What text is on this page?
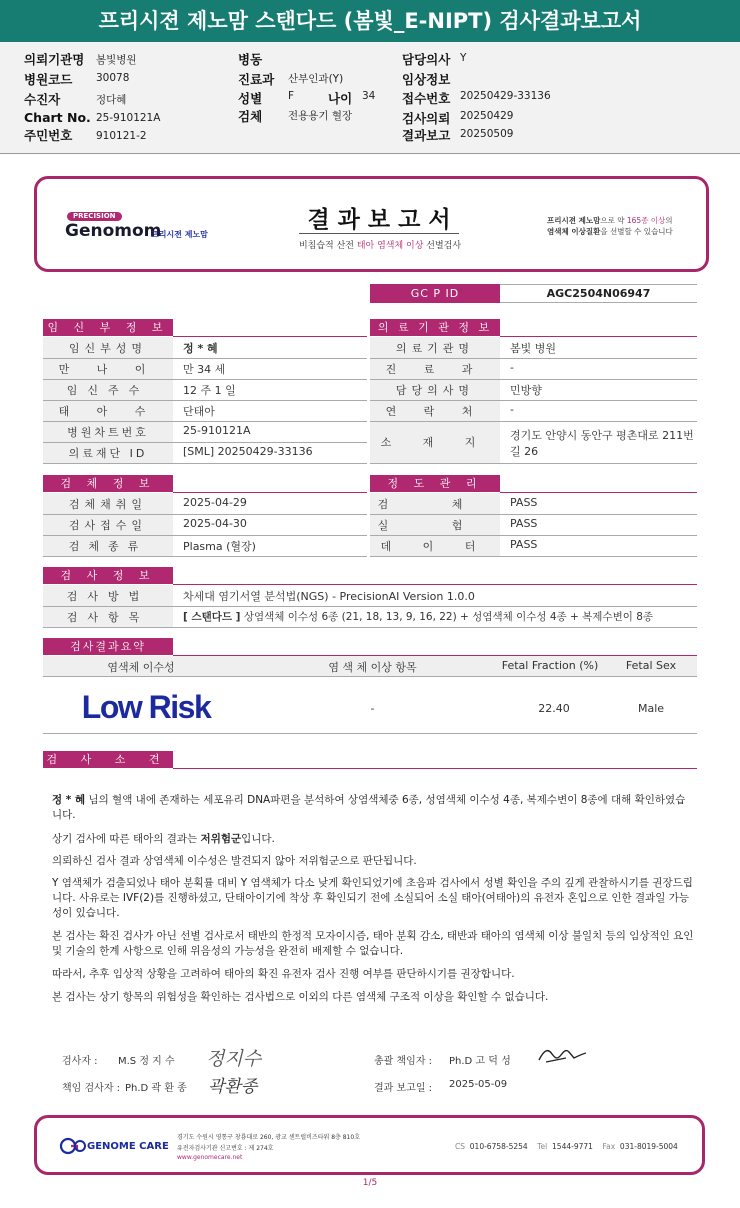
프리시젼 제노맘 스탠다드 (봄빛_E-NIPT) 검사결과보고서
의뢰기관명 봄빛병원
병원코드 30078
수진자	정다혜
Chart No. 25-910121A
주민번호 910121-2
병동
진료과 산부인과(Y)
성별 F	나이 34
검체 전용용기 혈장
담당의사 Y
임상정보
접수번호 20250429-33136
검사의뢰 20250429
결과보고 20250509
PRECISION
Genomom
프리시젼 제노맘
결 과 보 고 서
비침습적 산전 태아 염색체 이상 선별검사
프리시젼 제노맘으로 약 165종 이상의
염색체 이상질환을 선별할 수 있습니다
GC P ID	AGC2504N06947
임 신 부 정 보
임신부성명	정 * 혜
만 나 이	만 34 세
임신주수	12 주 1 일
태 아 수	단태아
병원차트번호	25-910121A
의료재단 ID	[SML] 20250429-33136
의 료 기 관 정 보
의료기관명	봄빛 병원
진 료 과	-
담당의사명	민방향
연 락 처	-
소 재 지
경기도 안양시 동안구 평촌대로 211번
길 26
검 체 정 보
검체채취일	2025-04-29
검사접수일	2025-04-30
검체종류	Plasma (혈장)
정 도 관 리
검 체	PASS
실 험	PASS
데 이 터	PASS
검 사 정 보
검사방법	차세대 염기서열 분석법(NGS) - PrecisionAI Version 1.0.0
검사항목	[ 스탠다드 ] 상염색체 이수성 6종 (21, 18, 13, 9, 16, 22) + 성염색체 이수성 4종 + 복제수변이 8종
검사결과요약
염색체 이수성	염 색 체 이상 항목	Fetal Fraction (%)	Fetal Sex
Low Risk	-	22.40	Male
검 사 소 견
정 * 혜 님의 혈액 내에 존재하는 세포유리 DNA파편을 분석하여 상염색체중 6종, 성염색체 이수성 4종, 복제수변이 8종에 대해 확인하였습니다.
상기 검사에 따른 태아의 결과는 저위험군입니다.
의뢰하신 검사 결과 상염색체 이수성은 발견되지 않아 저위험군으로 판단됩니다.
Y 염색체가 검출되었나 태아 분획률 대비 Y 염색체가 다소 낮게 확인되었기에 초음파 검사에서 성별 확인을 주의 깊게 관찰하시기를 권장드립니다. 사유로는 IVF(2)를 진행하셨고, 단태아이기에 착상 후 확인되기 전에 소실되어 소실 태아(여태아)의 유전자 혼입으로 인한 결과일 가능성이 있습니다.
본 검사는 확진 검사가 아닌 선별 검사로서 태반의 한정적 모자이시즘, 태아 분획 감소, 태반과 태아의 염색체 이상 불일치 등의 임상적인 요인 및 기술의 한계 사항으로 인해 위음성의 가능성을 완전히 배제할 수 없습니다.
따라서, 추후 임상적 상황을 고려하여 태아의 확진 유전자 검사 진행 여부를 판단하시기를 권장합니다.
본 검사는 상기 항목의 위험성을 확인하는 검사법으로 이외의 다른 염색체 구조적 이상을 확인할 수 없습니다.
검사자 : M.S 정 지 수 정지수
책임 검사자 : Ph.D 곽 환 종 곽환종
총괄 책임자 : Ph.D 고 덕 성
결과 보고일 : 2025-05-09
GENOME CARE
경기도 수원시 영통구 창룡대로 260, 광교 센트럴비즈타워 8층 810호
유전자검사기관 신고번호 : 제 274호
www.genomecare.net
CS 010-6758-5254 Tel 1544-9771 Fax 031-8019-5004
1/5
